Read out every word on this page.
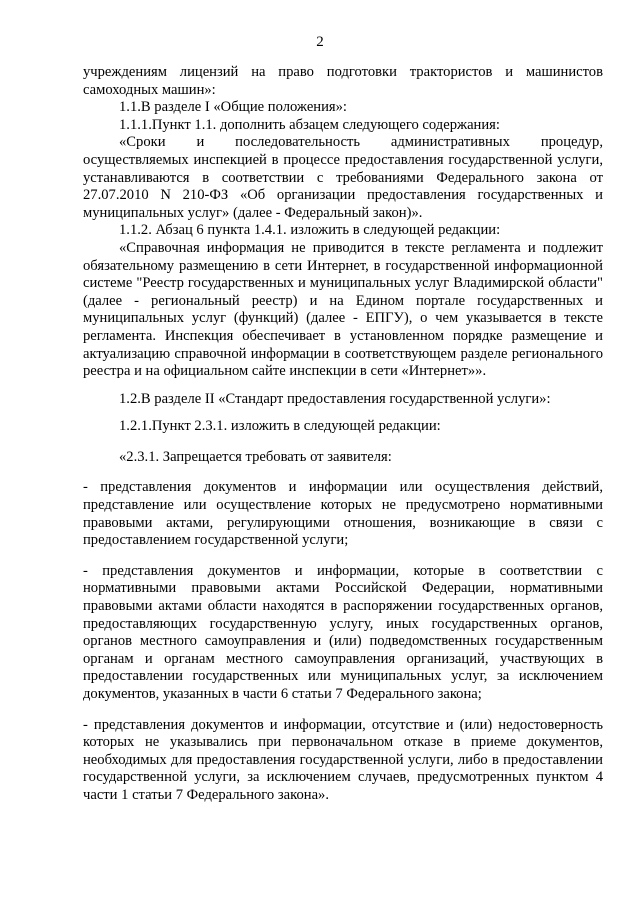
2

учреждениям лицензий на право подготовки трактористов и машинистов самоходных машин»:

1.1.В разделе I «Общие положения»:

1.1.1.Пункт 1.1. дополнить абзацем следующего содержания:

«Сроки и последовательность административных процедур, осуществляемых инспекцией в процессе предоставления государственной услуги, устанавливаются в соответствии с требованиями Федерального закона от 27.07.2010 N 210-ФЗ «Об организации предоставления государственных и муниципальных услуг» (далее - Федеральный закон)».

1.1.2. Абзац 6 пункта 1.4.1. изложить в следующей редакции:

«Справочная информация не приводится в тексте регламента и подлежит обязательному размещению в сети Интернет, в государственной информационной системе "Реестр государственных и муниципальных услуг Владимирской области" (далее - региональный реестр) и на Едином портале государственных и муниципальных услуг (функций) (далее - ЕПГУ), о чем указывается в тексте регламента. Инспекция обеспечивает в установленном порядке размещение и актуализацию справочной информации в соответствующем разделе регионального реестра и на официальном сайте инспекции в сети «Интернет»».

1.2.В разделе II «Стандарт предоставления государственной услуги»:

1.2.1.Пункт 2.3.1. изложить в следующей редакции:

«2.3.1. Запрещается требовать от заявителя:

- представления документов и информации или осуществления действий, представление или осуществление которых не предусмотрено нормативными правовыми актами, регулирующими отношения, возникающие в связи с предоставлением государственной услуги;

- представления документов и информации, которые в соответствии с нормативными правовыми актами Российской Федерации, нормативными правовыми актами области находятся в распоряжении государственных органов, предоставляющих государственную услугу, иных государственных органов, органов местного самоуправления и (или) подведомственных государственным органам и органам местного самоуправления организаций, участвующих в предоставлении государственных или муниципальных услуг, за исключением документов, указанных в части 6 статьи 7 Федерального закона;

- представления документов и информации, отсутствие и (или) недостоверность которых не указывались при первоначальном отказе в приеме документов, необходимых для предоставления государственной услуги, либо в предоставлении государственной услуги, за исключением случаев, предусмотренных пунктом 4 части 1 статьи 7 Федерального закона».
